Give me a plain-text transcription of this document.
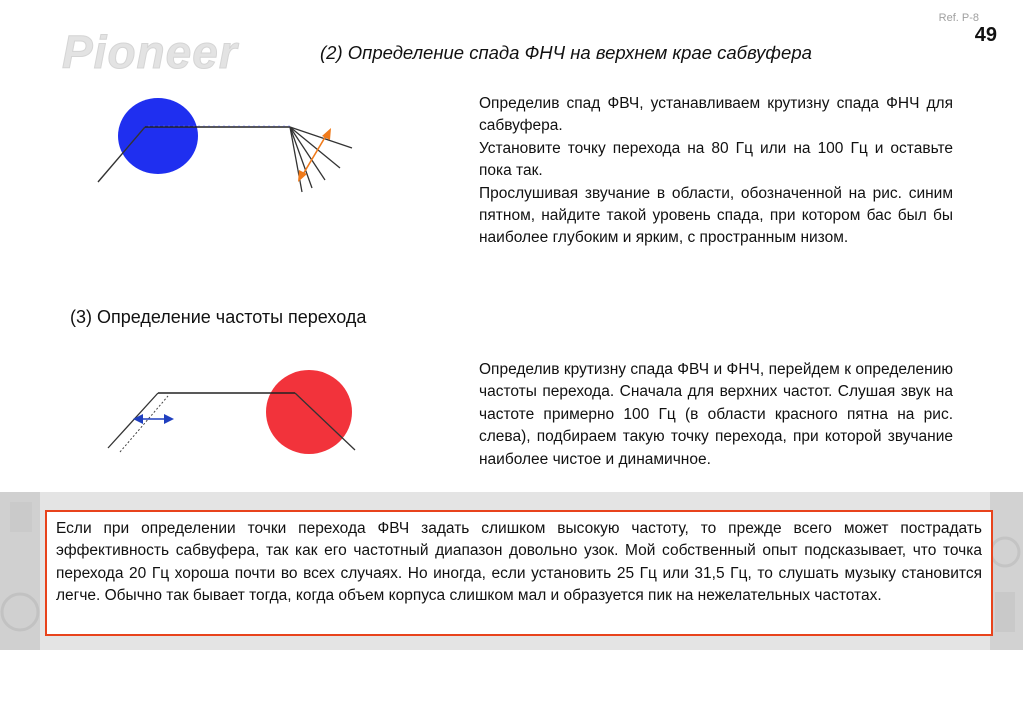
Pioneer
Ref. P-8
49
(2) Определение спада ФНЧ на верхнем крае сабвуфера

Определив спад ФВЧ, устанавливаем крутизну спада ФНЧ для сабвуфера.

Установите точку перехода на 80 Гц или на 100 Гц и оставьте пока так.

Прослушивая звучание в области, обозначенной на рис. синим пятном, найдите такой уровень спада, при котором бас был бы наиболее глубоким и ярким, с пространным низом.

(3) Определение частоты перехода

Определив крутизну спада ФВЧ и ФНЧ, перейдем к определению частоты перехода. Сначала для верхних частот. Слушая звук на частоте примерно 100 Гц (в области красного пятна на рис. слева), подбираем такую точку перехода, при которой звучание наиболее чистое и динамичное.

Если при определении точки перехода ФВЧ задать слишком высокую частоту, то прежде всего может пострадать эффективность сабвуфера, так как его частотный диапазон довольно узок. Мой собственный опыт подсказывает, что точка перехода 20 Гц хороша почти во всех случаях. Но иногда, если установить 25 Гц или 31,5 Гц, то слушать музыку становится легче. Обычно так бывает тогда, когда объем корпуса слишком мал и образуется пик на нежелательных частотах.
